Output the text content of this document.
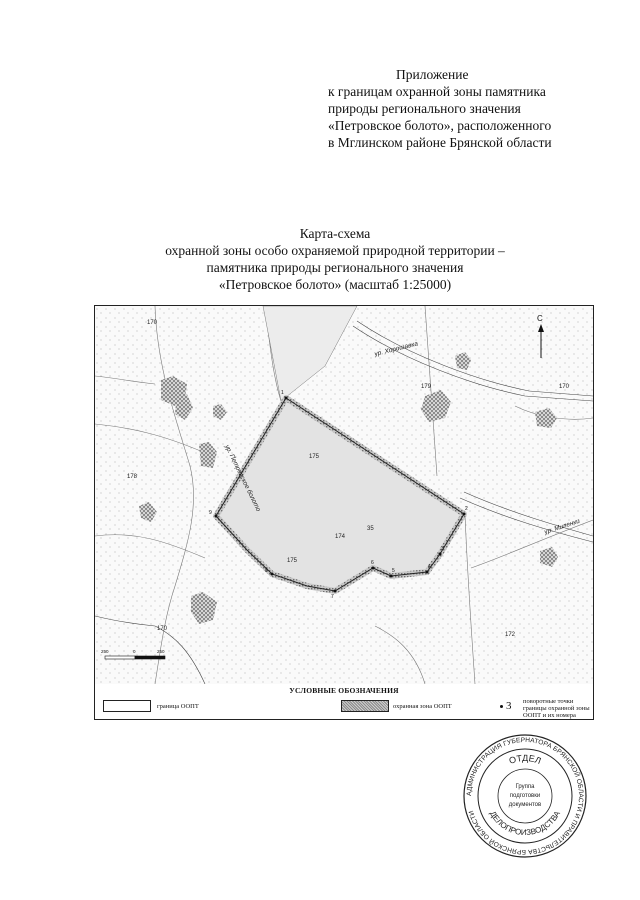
Приложение
к границам охранной зоны памятника
природы регионального значения
«Петровское болото», расположенного
в Мглинском районе Брянской области
Карта-схема
охранной зоны особо охраняемой природной территории –
памятника природы регионального значения
«Петровское болото» (масштаб 1:25000)
1
2
3
4
5
6
7
8
9
170
175
179	170
178
175
174
170
172
35
ур. Хорошавка
ур. Петровское болото
ур. Миленки
С
250	0	250
УСЛОВНЫЕ ОБОЗНАЧЕНИЯ
граница ООПТ	охранная зона ООПТ	3 поворотные точки границы охранной зоны ООПТ и их номера
АДМИНИСТРАЦИЯ ГУБЕРНАТОРА БРЯНСКОЙ ОБЛАСТИ И ПРАВИТЕЛЬСТВА БРЯНСКОЙ ОБЛАСТИ
ОТДЕЛ
ДЕЛОПРОИЗВОДСТВА
Группа
подготовки
документов
